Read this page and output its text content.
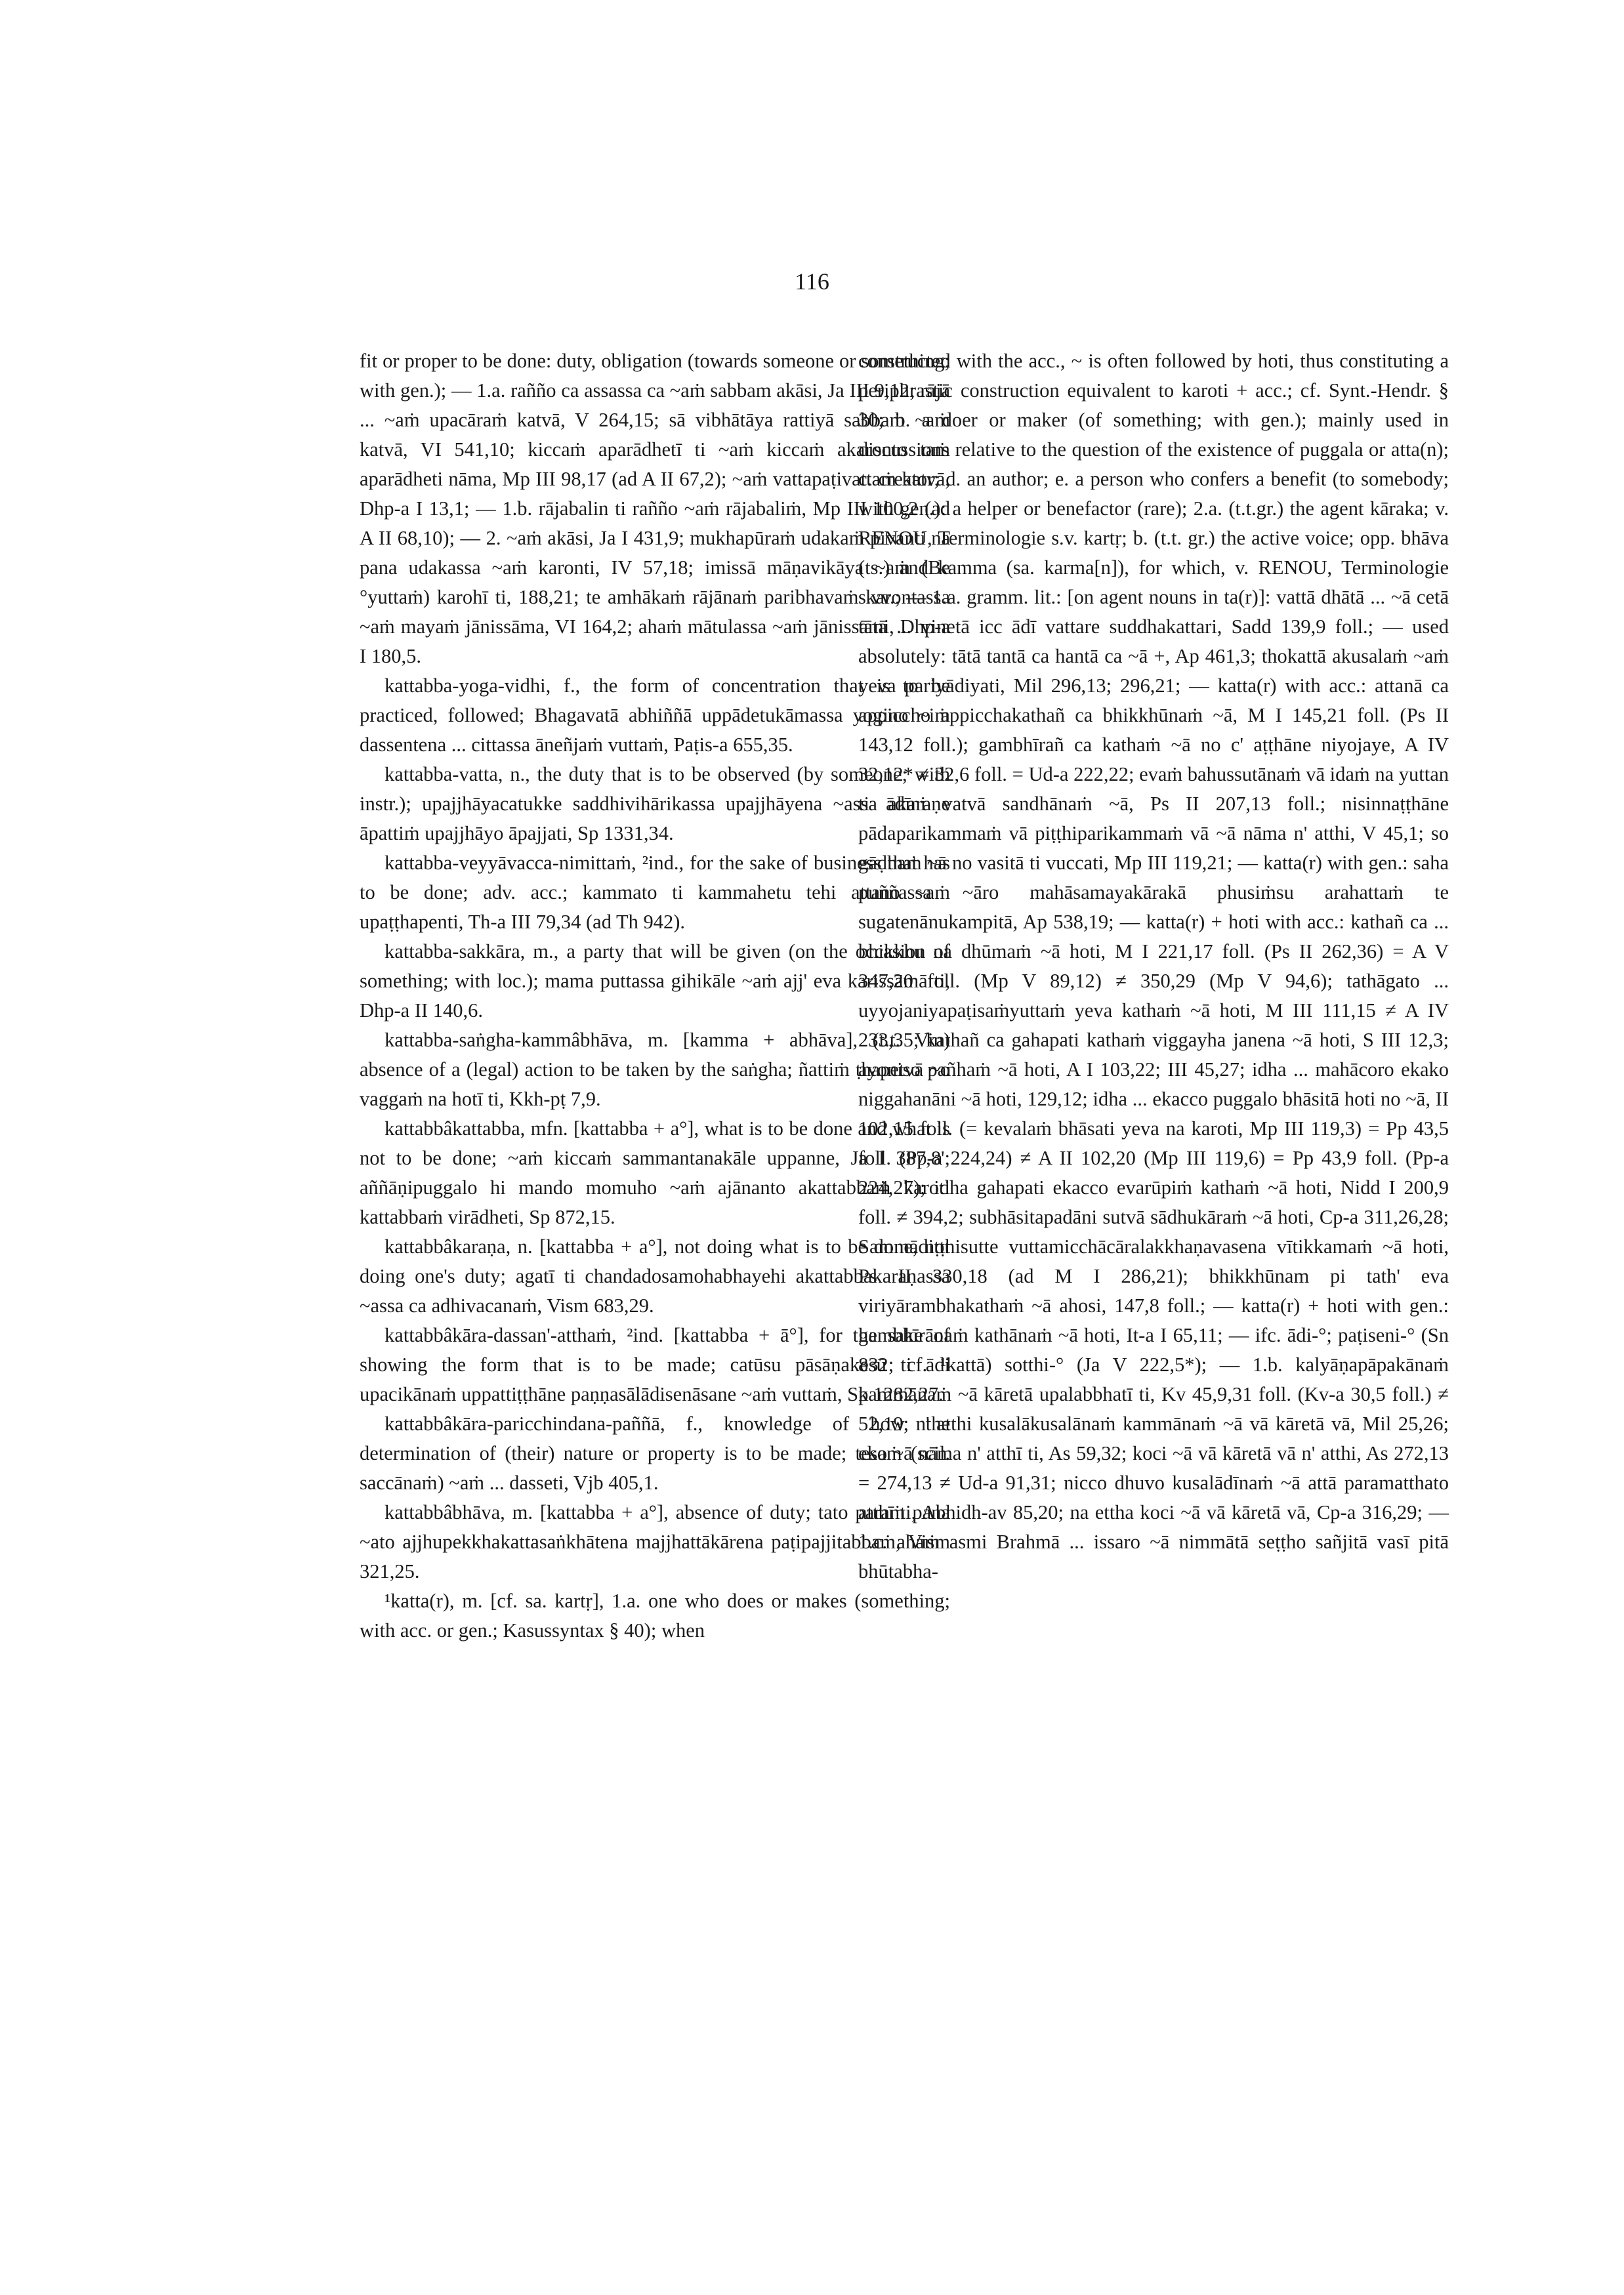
116

fit or proper to be done: duty, obligation (towards someone or something; with gen.); — 1.a. rañño ca assassa ca ~aṁ sabbam akāsi, Ja III 9,12; rājā ... ~aṁ upacāraṁ katvā, V 264,15; sā vibhātāya rattiyā sabbaṁ ~aṁ katvā, VI 541,10; kiccaṁ aparādhetī ti ~aṁ kiccaṁ akaronto taṁ aparādheti nāma, Mp III 98,17 (ad A II 67,2); ~aṁ vattapaṭivattaṁ katvā, Dhp-a I 13,1; — 1.b. rājabalin ti rañño ~aṁ rājabaliṁ, Mp III 100,2 (ad A II 68,10); — 2. ~aṁ akāsi, Ja I 431,9; mukhapūraṁ udakaṁ pivanti na pana udakassa ~aṁ karonti, IV 57,18; imissā māṇavikāya ~aṁ (Be °yuttaṁ) karohī ti, 188,21; te amhākaṁ rājānaṁ paribhavaṁ karontassa ~aṁ mayaṁ jānissāma, VI 164,2; ahaṁ mātulassa ~aṁ jānissāmi, Dhp-a I 180,5.

kattabba-yoga-vidhi, f., the form of concentration that is to be practiced, followed; Bhagavatā abhiññā uppādetukāmassa yogino ~iṁ dassentena ... cittassa āneñjaṁ vuttaṁ, Paṭis-a 655,35.

kattabba-vatta, n., the duty that is to be observed (by someone; with instr.); upajjhāyacatukke saddhivihārikassa upajjhāyena ~assa akaraṇe āpattiṁ upajjhāyo āpajjati, Sp 1331,34.

kattabba-veyyāvacca-nimittaṁ, ²ind., for the sake of business that has to be done; adv. acc.; kammato ti kammahetu tehi attano ~aṁ upaṭṭhapenti, Th-a III 79,34 (ad Th 942).

kattabba-sakkāra, m., a party that will be given (on the occasion of something; with loc.); mama puttassa gihikāle ~aṁ ajj' eva karissāmā ti, Dhp-a II 140,6.

kattabba-saṅgha-kammâbhāva, m. [kamma + abhāva], (t.t. Vin) absence of a (legal) action to be taken by the saṅgha; ñattiṁ ṭhapetvā ~o vaggaṁ na hotī ti, Kkh-pṭ 7,9.

kattabbâkattabba, mfn. [kattabba + a°], what is to be done and what is not to be done; ~aṁ kiccaṁ sammantanakāle uppanne, Ja I 387,8'; aññāṇipuggalo hi mando momuho ~aṁ ajānanto akattabbaṁ karoti kattabbaṁ virādheti, Sp 872,15.

kattabbâkaraṇa, n. [kattabba + a°], not doing what is to be done, not doing one's duty; agatī ti chandadosamohabhayehi akattabbakaraṇassa ~assa ca adhivacanaṁ, Vism 683,29.

kattabbâkāra-dassan'-atthaṁ, ²ind. [kattabba + ā°], for the sake of showing the form that is to be made; catūsu pāsāṇakesū ti ādi upacikānaṁ uppattiṭṭhāne paṇṇasālādisenāsane ~aṁ vuttaṁ, Sp 1282,27.

kattabbâkāra-paricchindana-paññā, f., knowledge of how the determination of (their) nature or property is to be made; tesaṁ (scil. saccānaṁ) ~aṁ ... dasseti, Vjb 405,1.

kattabbâbhāva, m. [kattabba + a°], absence of duty; tato paraṁ pana ~ato ajjhupekkhakattasaṅkhātena majjhattākārena paṭipajjitabbaṁ, Vism 321,25.

¹katta(r), m. [cf. sa. kartṛ], 1.a. one who does or makes (something; with acc. or gen.; Kasussyntax § 40); when

constructed with the acc., ~ is often followed by hoti, thus constituting a periphrastic construction equivalent to karoti + acc.; cf. Synt.-Hendr. § 30; b. a doer or maker (of something; with gen.); mainly used in discussions relative to the question of the existence of puggala or atta(n); c. creator; d. an author; e. a person who confers a benefit (to somebody; with gen.): a helper or benefactor (rare); 2.a. (t.t.gr.) the agent kāraka; v. RENOU, Terminologie s.v. kartṛ; b. (t.t. gr.) the active voice; opp. bhāva (ts.) and kamma (sa. karma[n]), for which, v. RENOU, Terminologie s.vv.; — 1.a. gramm. lit.: [on agent nouns in ta(r)]: vattā dhātā ... ~ā cetā tātā ... vinetā icc ādī vattare suddhakattari, Sadd 139,9 foll.; — used absolutely: tātā tantā ca hantā ca ~ā +, Ap 461,3; thokattā akusalaṁ ~aṁ yeva pariyādiyati, Mil 296,13; 296,21; — katta(r) with acc.: attanā ca appiccho appicchakathañ ca bhikkhūnaṁ ~ā, M I 145,21 foll. (Ps II 143,12 foll.); gambhīrañ ca kathaṁ ~ā no c' aṭṭhāne niyojaye, A IV 32,12* ≠ 32,6 foll. = Ud-a 222,22; evaṁ bahussutānaṁ vā idaṁ na yuttan ti ādīni vatvā sandhānaṁ ~ā, Ps II 207,13 foll.; nisinnaṭṭhāne pādaparikammaṁ vā piṭṭhiparikammaṁ vā ~ā nāma n' atthi, V 45,1; so gāḍhaṁ ~ā no vasitā ti vuccati, Mp III 119,21; — katta(r) with gen.: saha puññassa ~āro mahāsamayakārakā phusiṁsu arahattaṁ te sugatenānukampitā, Ap 538,19; — katta(r) + hoti with acc.: kathañ ca ... bhikkhu na dhūmaṁ ~ā hoti, M I 221,17 foll. (Ps II 262,36) = A V 347,20 foll. (Mp V 89,12) ≠ 350,29 (Mp V 94,6); tathāgato ... uyyojaniyapaṭisaṁyuttaṁ yeva kathaṁ ~ā hoti, M III 111,15 ≠ A IV 233,35; kathañ ca gahapati kathaṁ viggayha janena ~ā hoti, S III 12,3; ayoniso pañhaṁ ~ā hoti, A I 103,22; III 45,27; idha ... mahācoro ekako niggahanāni ~ā hoti, 129,12; idha ... ekacco puggalo bhāsitā hoti no ~ā, II 102,15 foll. (= kevalaṁ bhāsati yeva na karoti, Mp III 119,3) = Pp 43,5 foll. (Pp-a 224,24) ≠ A II 102,20 (Mp III 119,6) = Pp 43,9 foll. (Pp-a 224,27); idha gahapati ekacco evarūpiṁ kathaṁ ~ā hoti, Nidd I 200,9 foll. ≠ 394,2; subhāsitapadāni sutvā sādhukāraṁ ~ā hoti, Cp-a 311,26,28; Sammādiṭṭhisutte vuttamicchācāralakkhaṇavasena vītikkamaṁ ~ā hoti, Ps II 330,18 (ad M I 286,21); bhikkhūnam pi tath' eva viriyārambhakathaṁ ~ā ahosi, 147,8 foll.; — katta(r) + hoti with gen.: gambhīrānaṁ kathānaṁ ~ā hoti, It-a I 65,11; — ifc. ādi-°; paṭiseni-° (Sn 832; cf. ¹kattā) sotthi-° (Ja V 222,5*); — 1.b. kalyāṇapāpakānaṁ kammānaṁ ~ā kāretā upalabbhatī ti, Kv 45,9,31 foll. (Kv-a 30,5 foll.) ≠ 52,19; n' atthi kusalākusalānaṁ kammānaṁ ~ā vā kāretā vā, Mil 25,26; eko ~ā nāma n' atthī ti, As 59,32; koci ~ā vā kāretā vā n' atthi, As 272,13 = 274,13 ≠ Ud-a 91,31; nicco dhuvo kusalādīnaṁ ~ā attā paramatthato atthī ti, Abhidh-av 85,20; na ettha koci ~ā vā kāretā vā, Cp-a 316,29; — 1.c. ahaṁ asmi Brahmā ... issaro ~ā nimmātā seṭṭho sañjitā vasī pitā bhūtabha-
